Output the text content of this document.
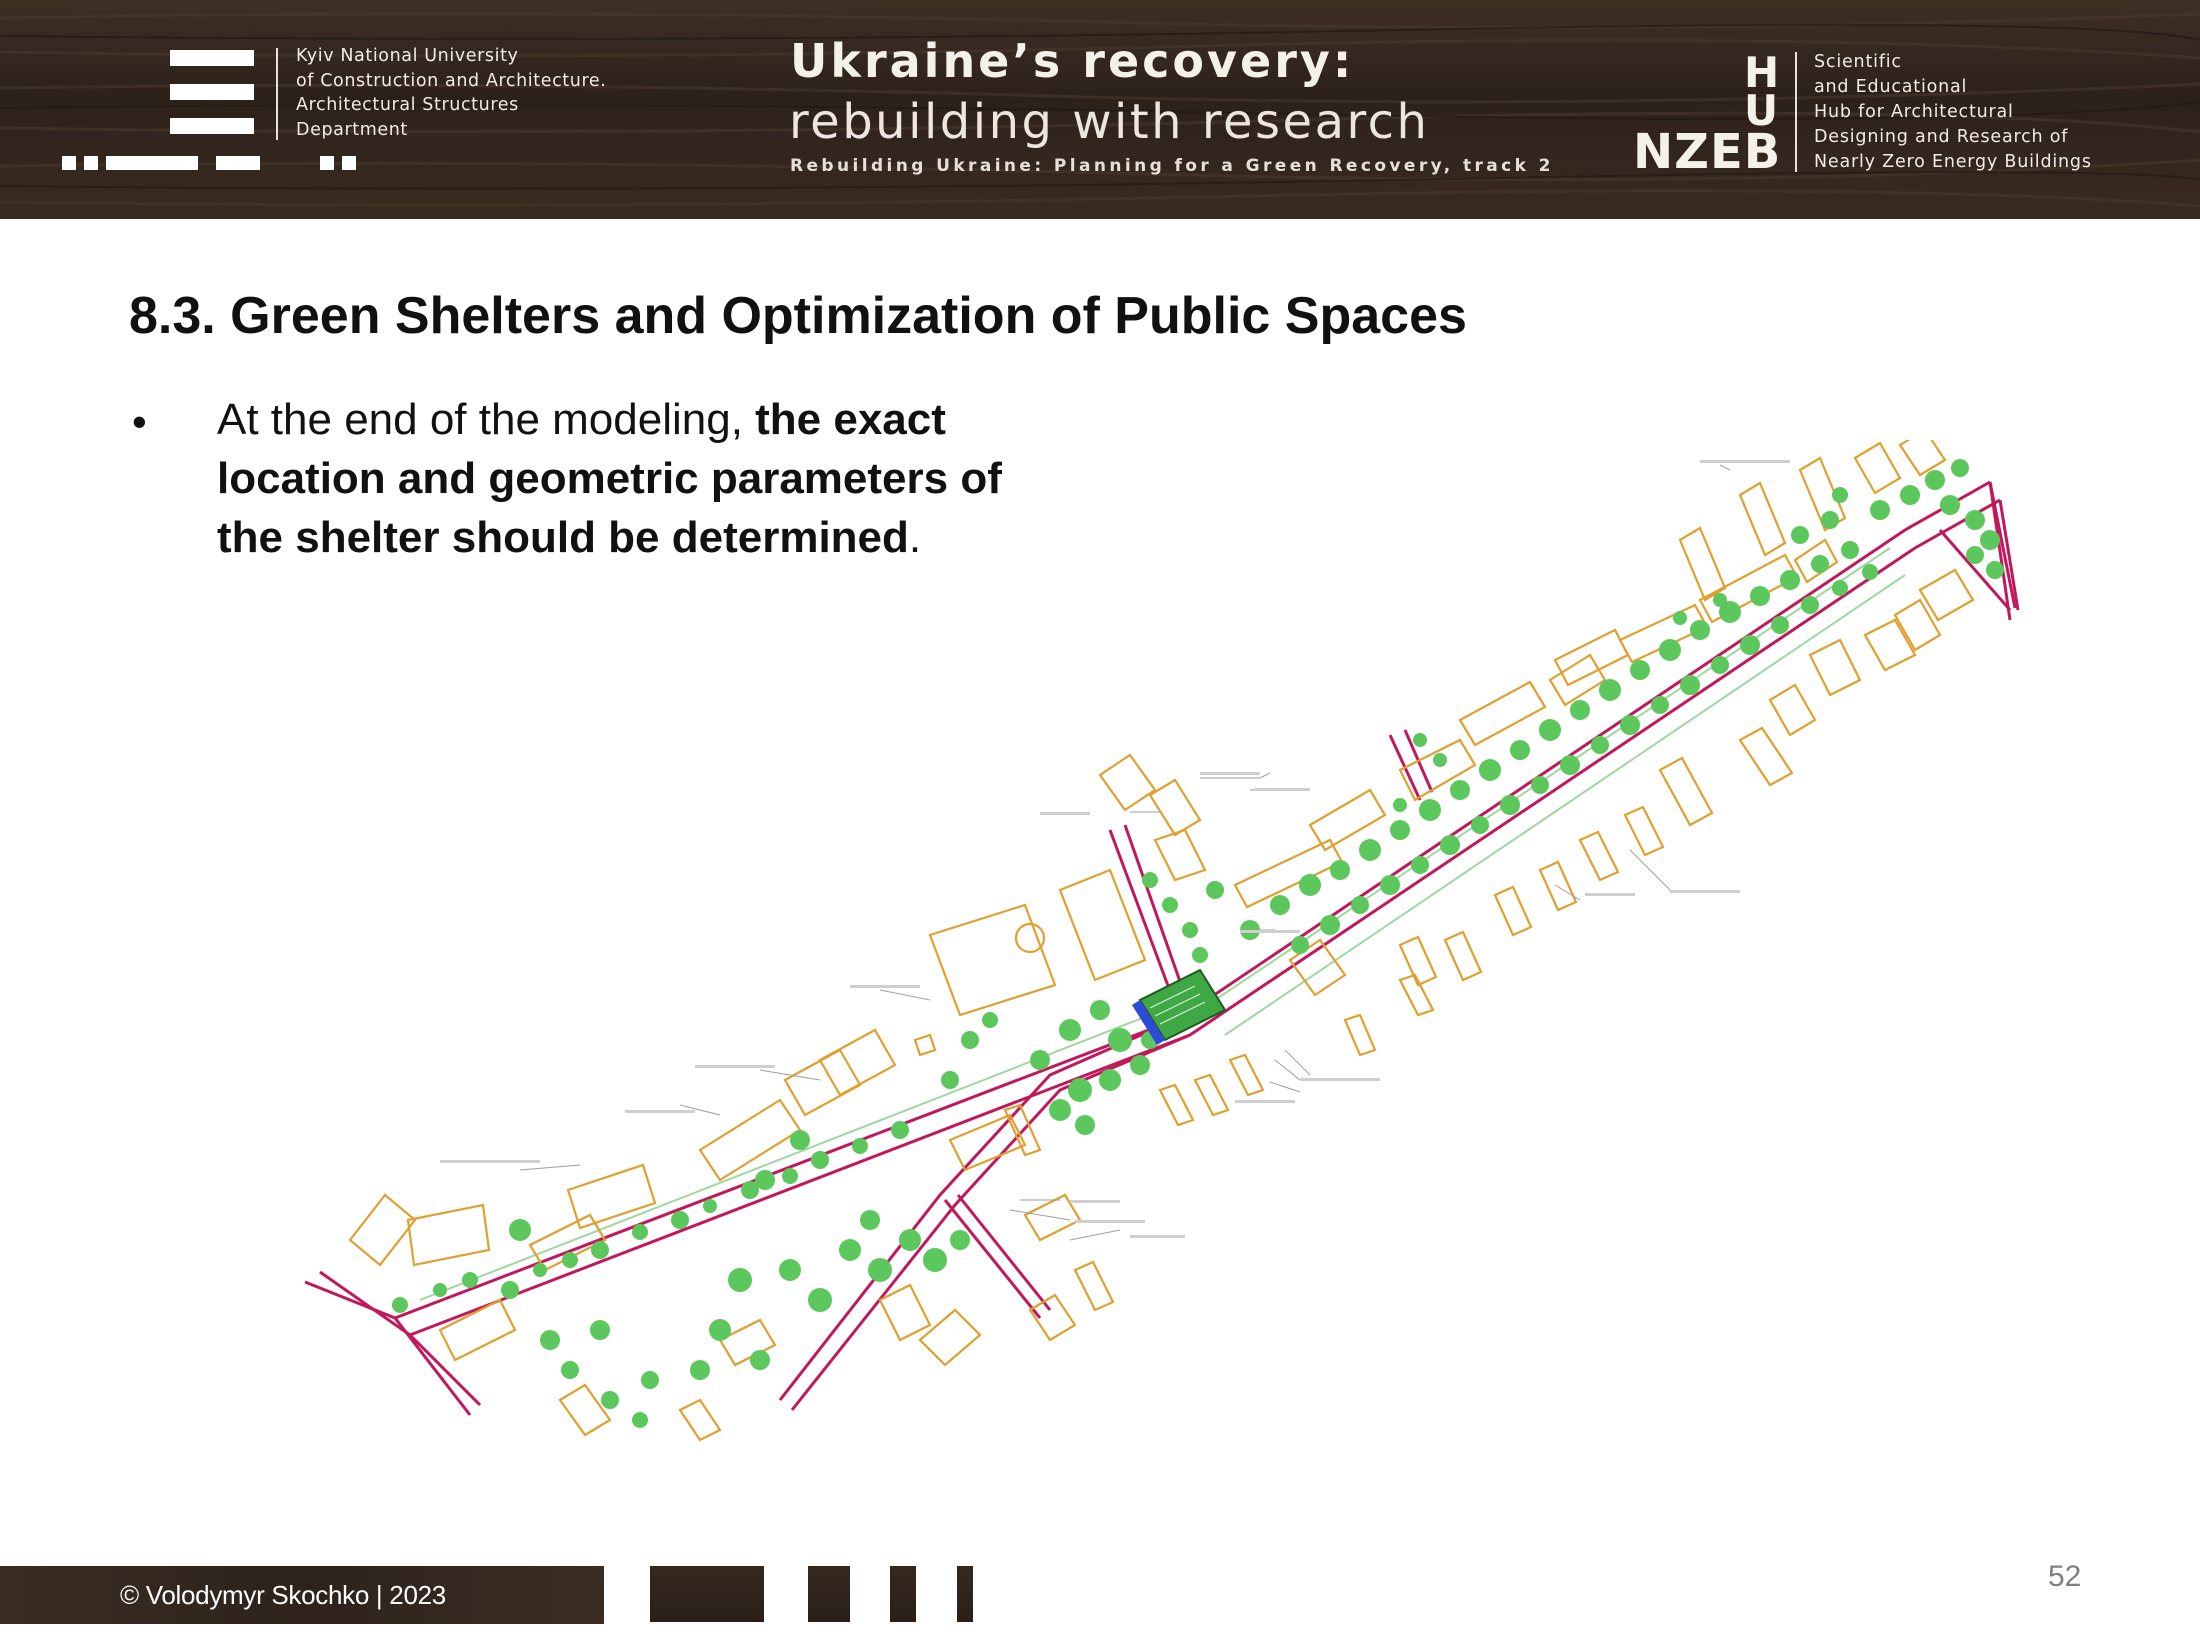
Kyiv National University
of Construction and Architecture.
Architectural Structures
Department
Ukraine’s recovery:
rebuilding with research
Rebuilding Ukraine: Planning for a Green Recovery, track 2
H
U
NZEB
Scientific
and Educational
Hub for Architectural
Designing and Research of
Nearly Zero Energy Buildings
8.3. Green Shelters and Optimization of Public Spaces
• At the end of the modeling, the exact location and geometric parameters of the shelter should be determined.
© Volodymyr Skochko | 2023
52
